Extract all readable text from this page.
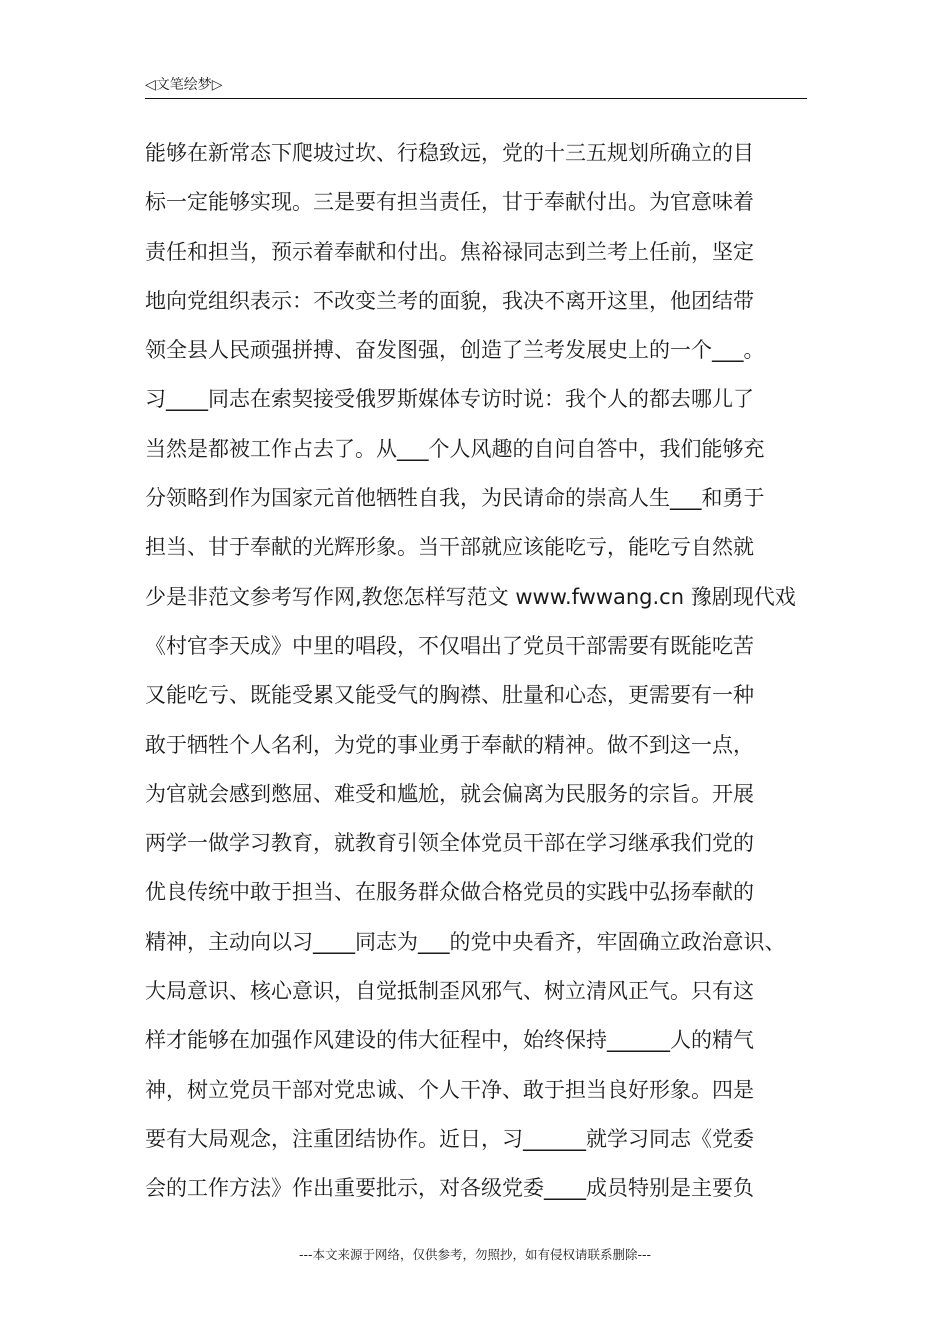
◁文笔绘梦▷
能够在新常态下爬坡过坎、行稳致远，党的十三五规划所确立的目
标一定能够实现。三是要有担当责任，甘于奉献付出。为官意味着
责任和担当，预示着奉献和付出。焦裕禄同志到兰考上任前，坚定
地向党组织表示：不改变兰考的面貌，我决不离开这里，他团结带
领全县人民顽强拼搏、奋发图强，创造了兰考发展史上的一个___。
习____同志在索契接受俄罗斯媒体专访时说：我个人的都去哪儿了
当然是都被工作占去了。从___个人风趣的自问自答中，我们能够充
分领略到作为国家元首他牺牲自我，为民请命的崇高人生___和勇于
担当、甘于奉献的光辉形象。当干部就应该能吃亏，能吃亏自然就
少是非范文参考写作网,教您怎样写范文 www.fwwang.cn 豫剧现代戏
《村官李天成》中里的唱段，不仅唱出了党员干部需要有既能吃苦
又能吃亏、既能受累又能受气的胸襟、肚量和心态，更需要有一种
敢于牺牲个人名利，为党的事业勇于奉献的精神。做不到这一点，
为官就会感到憋屈、难受和尴尬，就会偏离为民服务的宗旨。开展
两学一做学习教育，就教育引领全体党员干部在学习继承我们党的
优良传统中敢于担当、在服务群众做合格党员的实践中弘扬奉献的
精神，主动向以习____同志为___的党中央看齐，牢固确立政治意识、
大局意识、核心意识，自觉抵制歪风邪气、树立清风正气。只有这
样才能够在加强作风建设的伟大征程中，始终保持______人的精气
神，树立党员干部对党忠诚、个人干净、敢于担当良好形象。四是
要有大局观念，注重团结协作。近日，习______就学习同志《党委
会的工作方法》作出重要批示，对各级党委____成员特别是主要负
---本文来源于网络，仅供参考，勿照抄，如有侵权请联系删除---
